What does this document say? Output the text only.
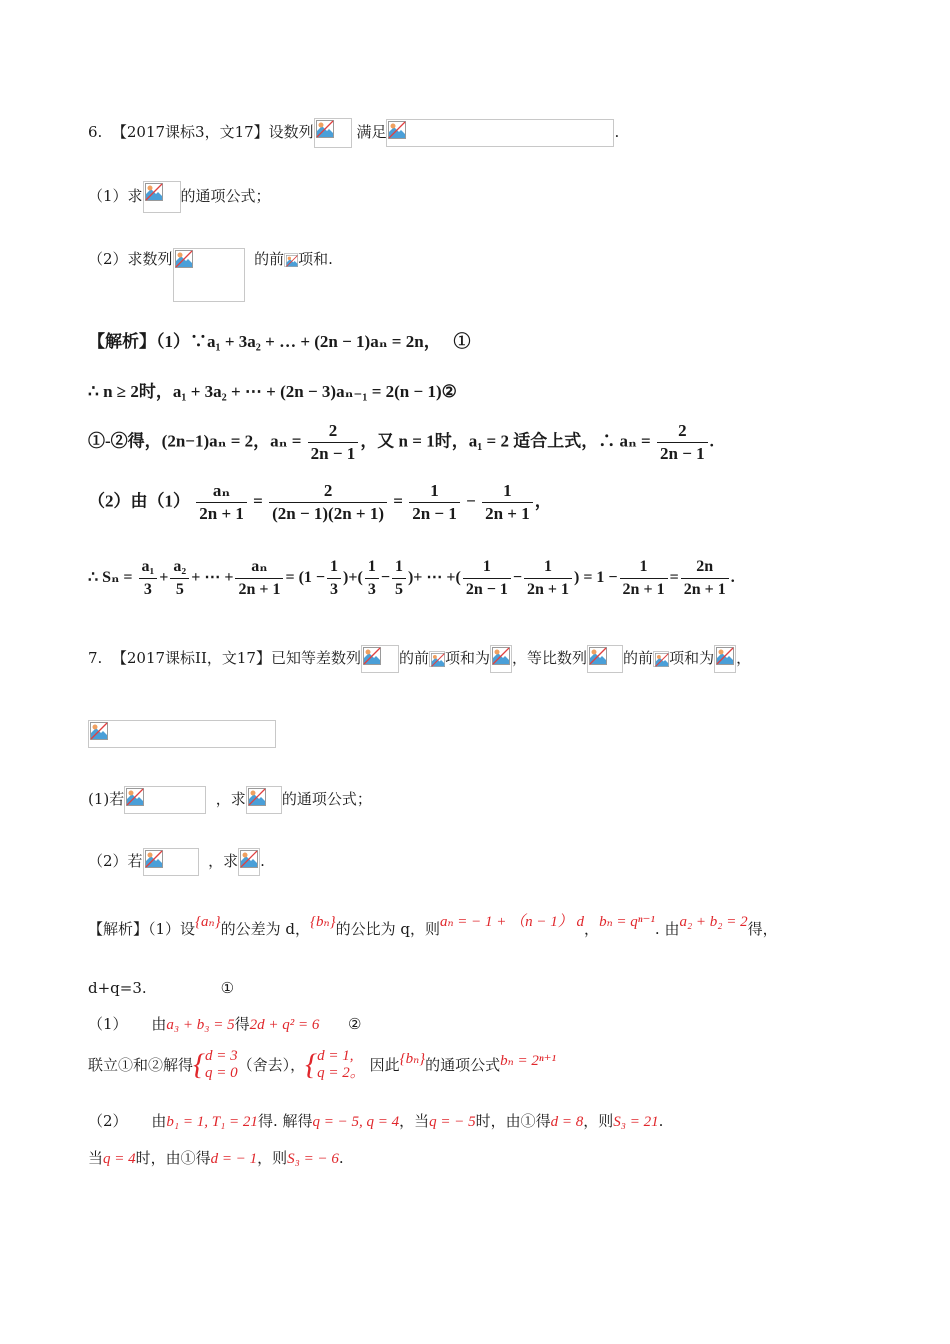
6. 【2017课标3，文17】设数列	满足	.
（1）求	的通项公式；
（2）求数列	的前 项和.
【解析】（1）∵a₁ + 3a₂ + … + (2n − 1)aₙ = 2n， ①
∴ n ≥ 2时，a₁ + 3a₂ + ⋯ + (2n − 3)aₙ₋₁ = 2(n − 1)②
①-②得，(2n−1)aₙ = 2，$a_n = \frac{2}{2n - 1}$ ，又 n = 1时，a₁ = 2 适合上式，∴ $a_n = \frac{2}{2n - 1}$ .
（2）由$(1) \frac{\text{aₙ}}{2n + 1} = \frac{2}{(2n - 1)(2n + 1)} = \frac{1}{2n - 1} - \frac{1}{2n + 1}$ ，
∴ $S_n = \frac{\text{a₁}}{3} + \frac{\text{a₂}}{5}$ + ⋯ + $\frac{\text{aₙ}}{2n + 1} = (1 - \frac{1}{3}$ )+( $\frac{1}{3} - \frac{1}{5}$ )+ ⋯ +( $\frac{1}{2n - 1} - \frac{1}{2n + 1}$ ) = $1 - \frac{1}{2n + 1} = \frac{2n}{2n + 1}$ .
7. 【2017课标II，文17】已知等差数列	的前 项和为 ，等比数列 的前 项和为 ，
(1)若	，求 的通项公式；
（2）若	，求 .
【解析】（1）设{aₙ}的公差为 d，{bₙ}的公比为 q，则aₙ = − 1 + （n − 1） d，bₙ = qⁿ⁻¹. 由a₂ + b₂ = 2得，
d+q=3.	①
（1） 由a₃ + b₃ = 5得2d + q² = 6 ②
联立①和②解得{ d = 3
q = 0 （舍去），{ d = 1,
q = 2。 因此{bₙ}的通项公式bₙ = 2ⁿ⁺¹
（2） 由b₁ = 1, T₁ = 21得. 解得q = − 5, q = 4，当q = − 5时，由①得d = 8，则S₃ = 21.
当q = 4时，由①得d = − 1，则S₃ = − 6.
